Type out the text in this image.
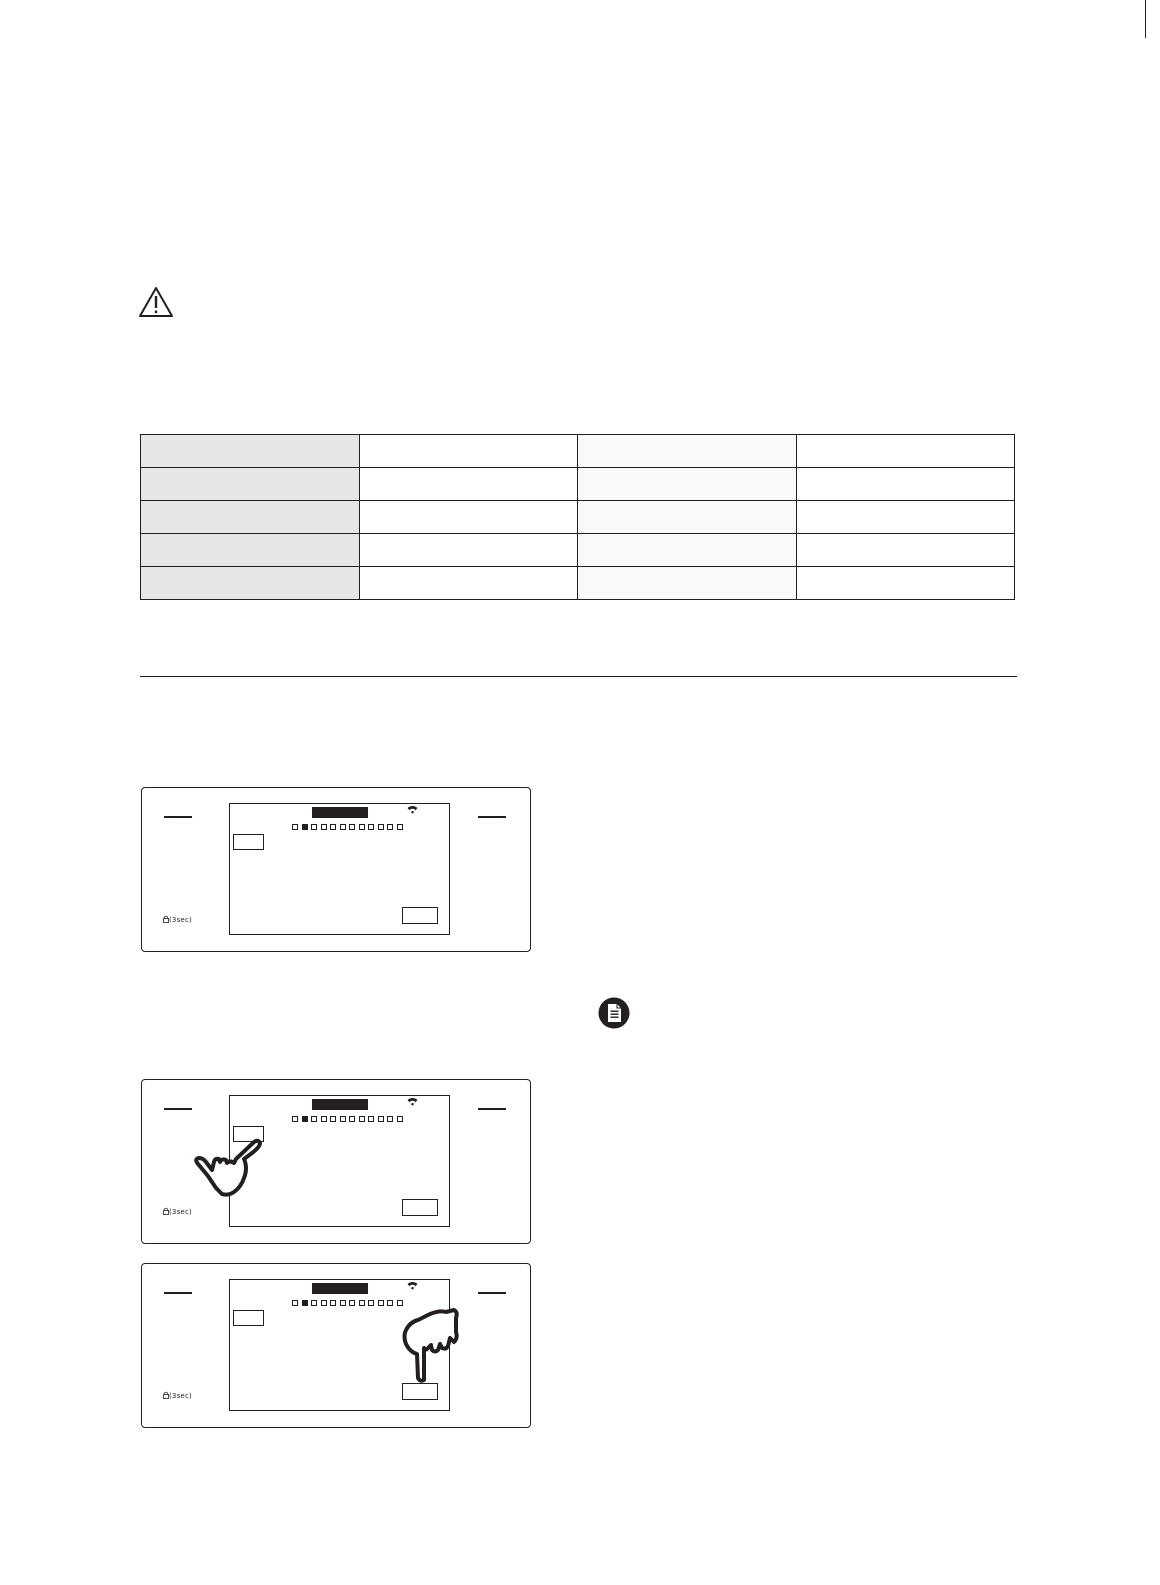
(3sec)
(3sec)
(3sec)
